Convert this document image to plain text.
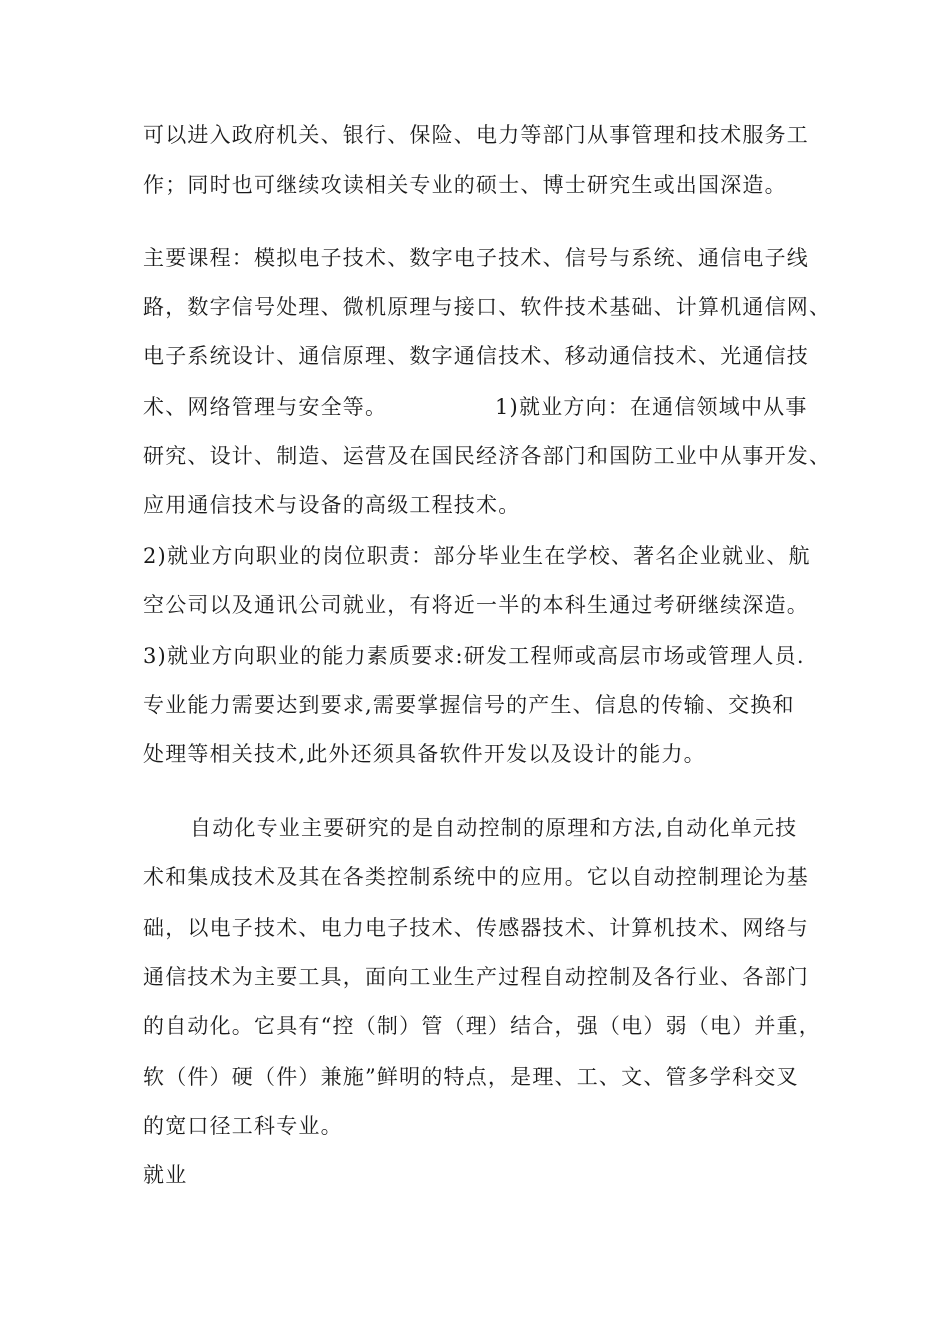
可以进入政府机关、银行、保险、电力等部门从事管理和技术服务工
作；同时也可继续攻读相关专业的硕士、博士研究生或出国深造。
主要课程：模拟电子技术、数字电子技术、信号与系统、通信电子线
路，数字信号处理、微机原理与接口、软件技术基础、计算机通信网、
电子系统设计、通信原理、数字通信技术、移动通信技术、光通信技
术、网络管理与安全等。	1)就业方向：在通信领域中从事
研究、设计、制造、运营及在国民经济各部门和国防工业中从事开发、
应用通信技术与设备的高级工程技术。
2)就业方向职业的岗位职责：部分毕业生在学校、著名企业就业、航
空公司以及通讯公司就业，有将近一半的本科生通过考研继续深造。
3)就业方向职业的能力素质要求:研发工程师或高层市场或管理人员.
专业能力需要达到要求,需要掌握信号的产生、信息的传输、交换和
处理等相关技术,此外还须具备软件开发以及设计的能力。
自动化专业主要研究的是自动控制的原理和方法,自动化单元技
术和集成技术及其在各类控制系统中的应用。它以自动控制理论为基
础，以电子技术、电力电子技术、传感器技术、计算机技术、网络与
通信技术为主要工具，面向工业生产过程自动控制及各行业、各部门
的自动化。它具有“控（制）管（理）结合，强（电）弱（电）并重，
软（件）硬（件）兼施”鲜明的特点，是理、工、文、管多学科交叉
的宽口径工科专业。
就业
